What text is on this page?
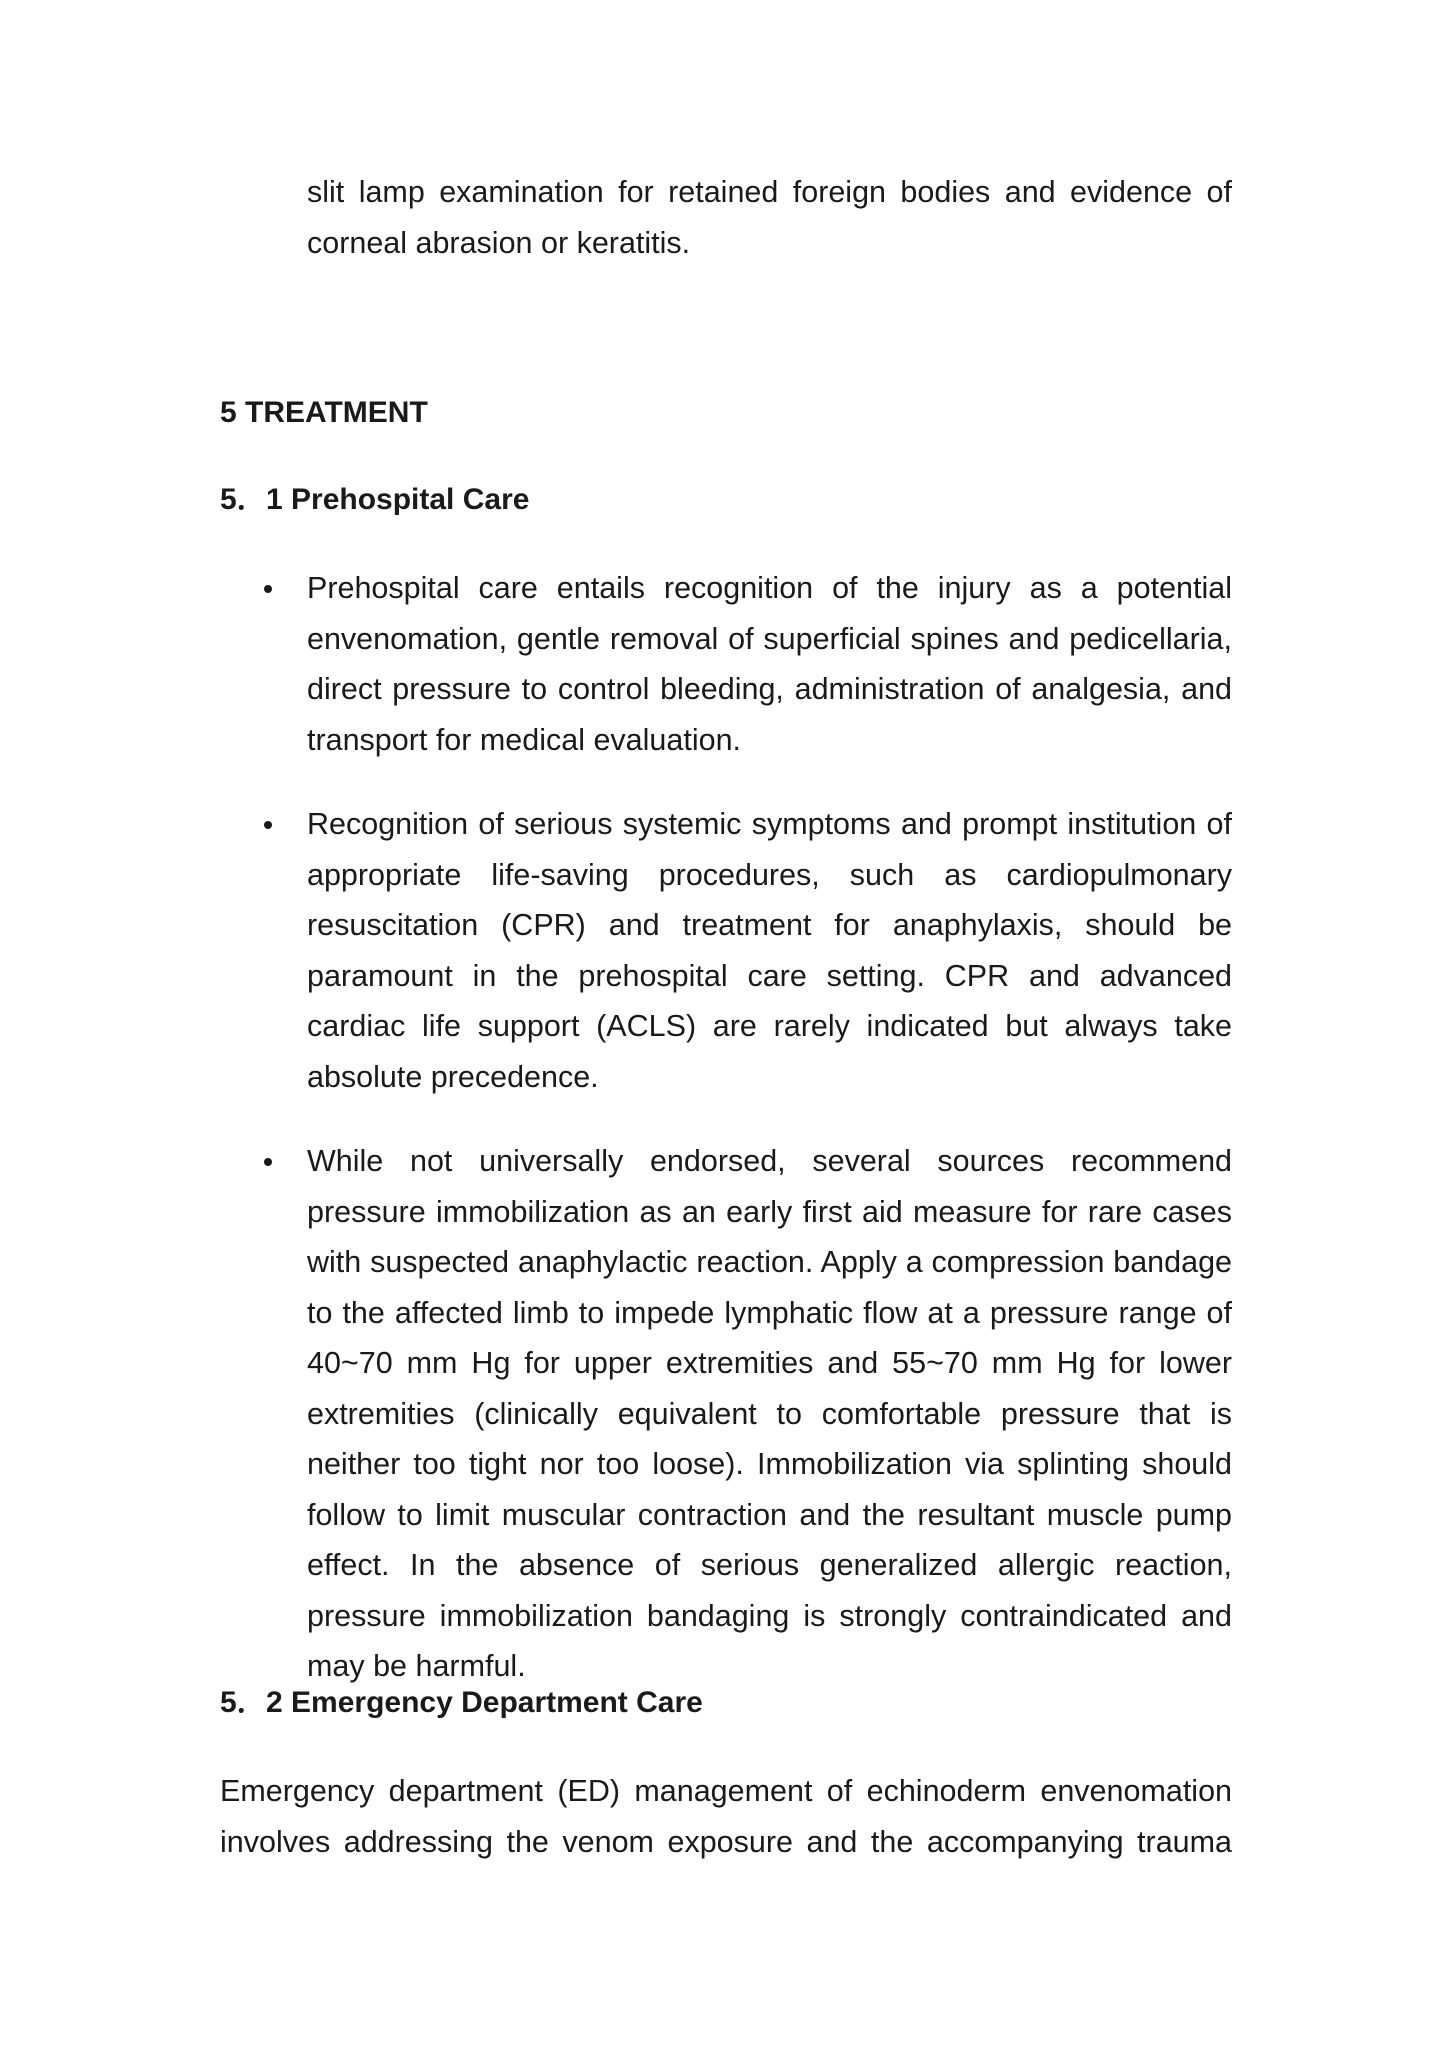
slit lamp examination for retained foreign bodies and evidence of corneal abrasion or keratitis.

5 TREATMENT
5．1 Prehospital Care

Prehospital care entails recognition of the injury as a potential envenomation, gentle removal of superficial spines and pedicellaria, direct pressure to control bleeding, administration of analgesia, and transport for medical evaluation.

Recognition of serious systemic symptoms and prompt institution of appropriate life-saving procedures, such as cardiopulmonary resuscitation (CPR) and treatment for anaphylaxis, should be paramount in the prehospital care setting. CPR and advanced cardiac life support (ACLS) are rarely indicated but always take absolute precedence.

While not universally endorsed, several sources recommend pressure immobilization as an early first aid measure for rare cases with suspected anaphylactic reaction. Apply a compression bandage to the affected limb to impede lymphatic flow at a pressure range of 40~70 mm Hg for upper extremities and 55~70 mm Hg for lower extremities (clinically equivalent to comfortable pressure that is neither too tight nor too loose). Immobilization via splinting should follow to limit muscular contraction and the resultant muscle pump effect. In the absence of serious generalized allergic reaction, pressure immobilization bandaging is strongly contraindicated and may be harmful.

5．2 Emergency Department Care

Emergency department (ED) management of echinoderm envenomation involves addressing the venom exposure and the accompanying trauma
